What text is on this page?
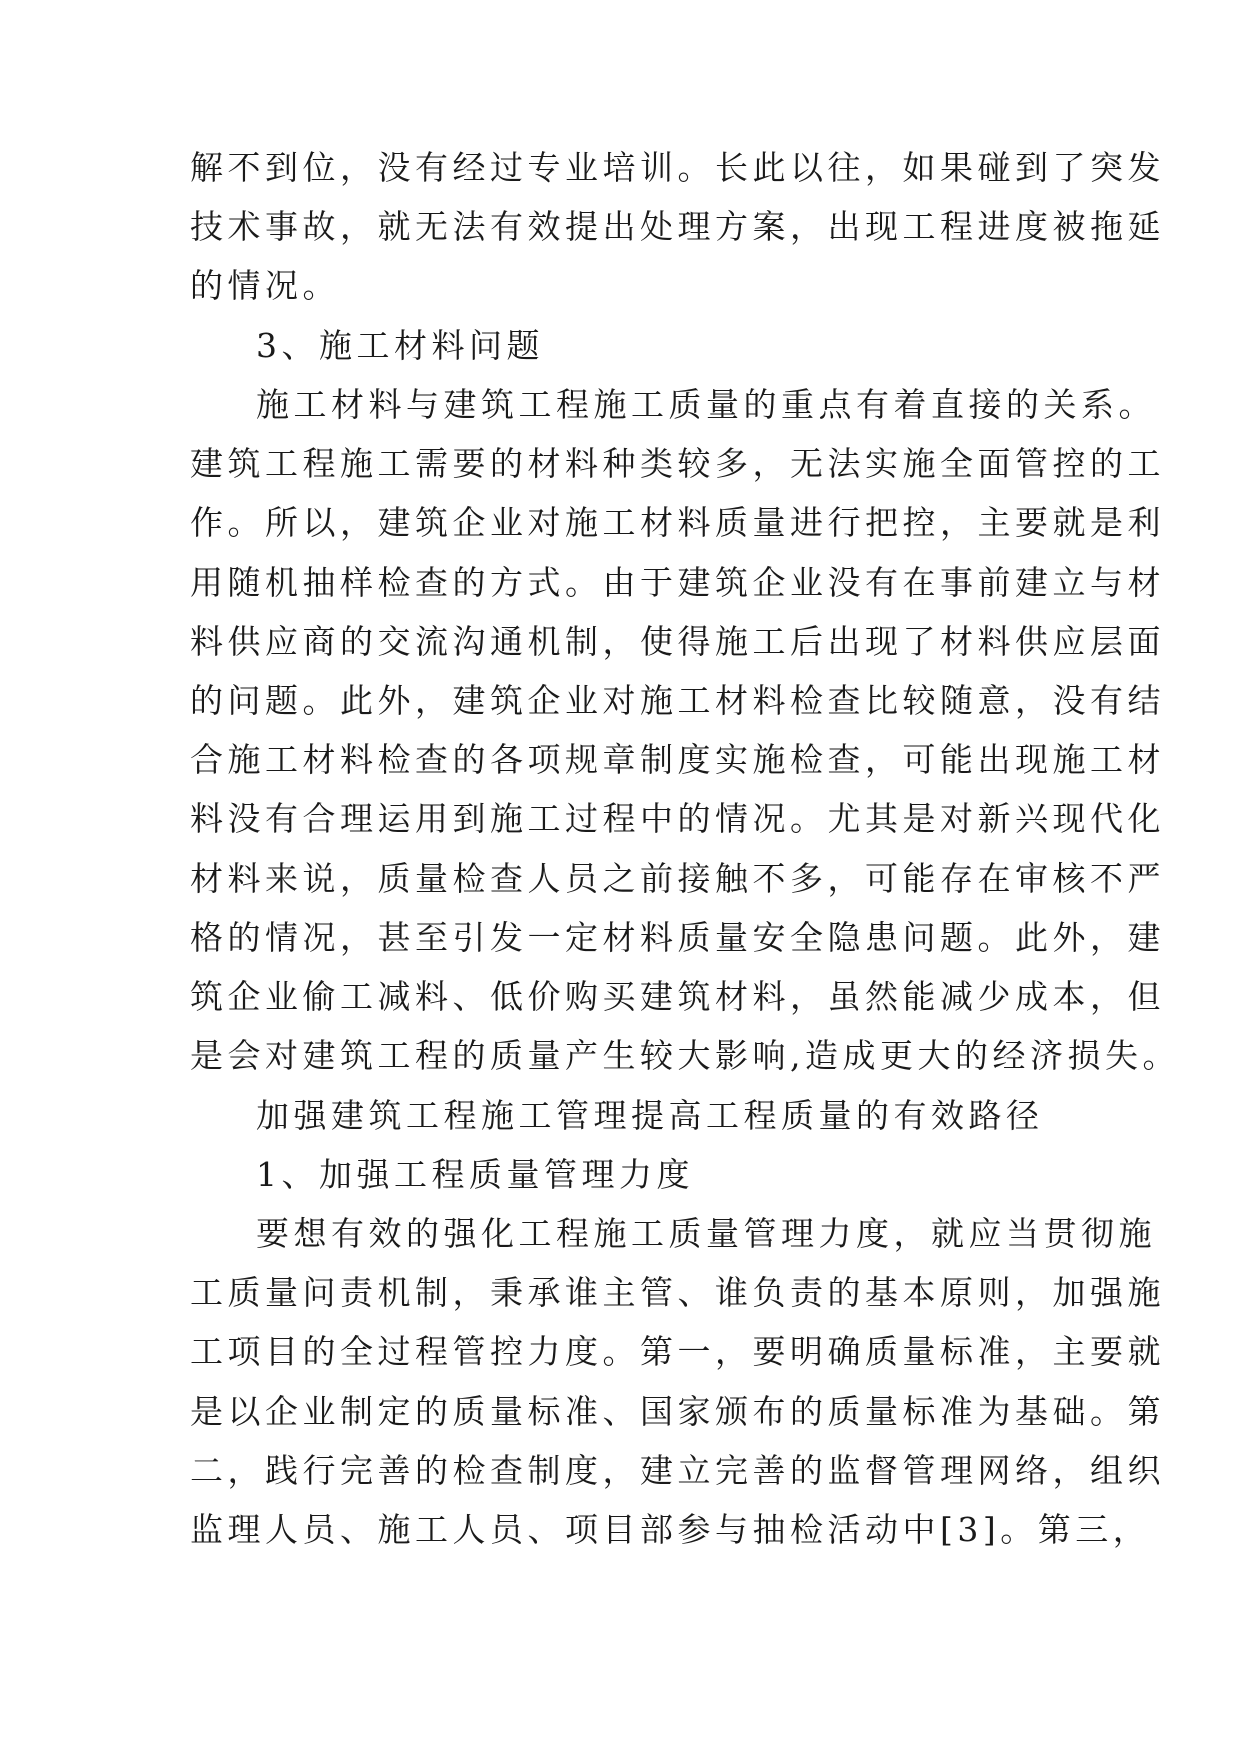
解不到位，没有经过专业培训。长此以往，如果碰到了突发
技术事故，就无法有效提出处理方案，出现工程进度被拖延
的情况。
3、施工材料问题
施工材料与建筑工程施工质量的重点有着直接的关系。
建筑工程施工需要的材料种类较多，无法实施全面管控的工
作。所以，建筑企业对施工材料质量进行把控，主要就是利
用随机抽样检查的方式。由于建筑企业没有在事前建立与材
料供应商的交流沟通机制，使得施工后出现了材料供应层面
的问题。此外，建筑企业对施工材料检查比较随意，没有结
合施工材料检查的各项规章制度实施检查，可能出现施工材
料没有合理运用到施工过程中的情况。尤其是对新兴现代化
材料来说，质量检查人员之前接触不多，可能存在审核不严
格的情况，甚至引发一定材料质量安全隐患问题。此外，建
筑企业偷工减料、低价购买建筑材料，虽然能减少成本，但
是会对建筑工程的质量产生较大影响,造成更大的经济损失。
加强建筑工程施工管理提高工程质量的有效路径
1、加强工程质量管理力度
要想有效的强化工程施工质量管理力度，就应当贯彻施
工质量问责机制，秉承谁主管、谁负责的基本原则，加强施
工项目的全过程管控力度。第一，要明确质量标准，主要就
是以企业制定的质量标准、国家颁布的质量标准为基础。第
二，践行完善的检查制度，建立完善的监督管理网络，组织
监理人员、施工人员、项目部参与抽检活动中[3]。第三，
